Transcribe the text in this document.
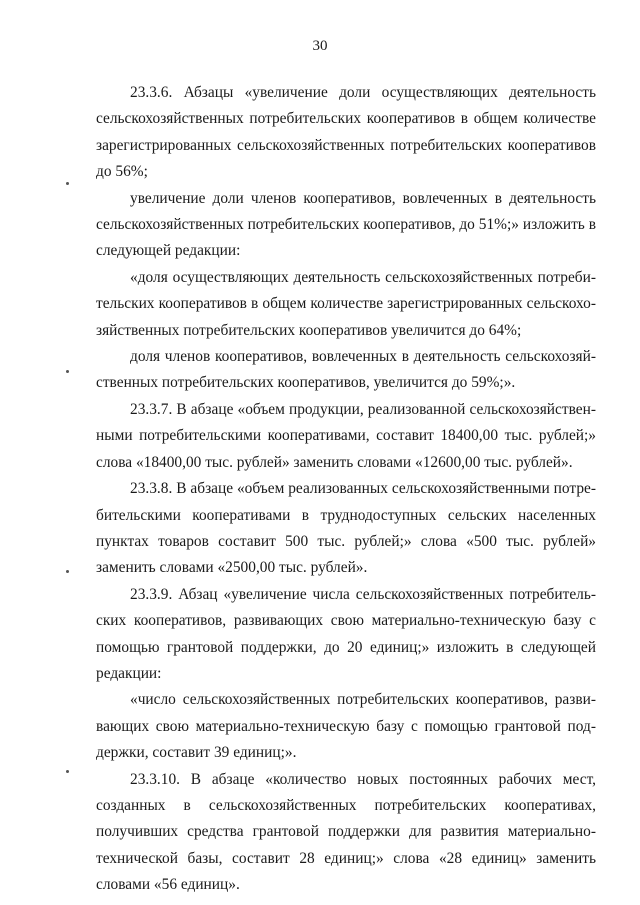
30

23.3.6. Абзацы «увеличение доли осуществляющих деятельность сельскохозяйственных потребительских кооперативов в общем количестве зарегистрированных сельскохозяйственных потребительских кооперативов до 56%;

увеличение доли членов кооперативов, вовлеченных в деятельность сельскохозяйственных потребительских кооперативов, до 51%;» изложить в следующей редакции:

«доля осуществляющих деятельность сельскохозяйственных потребительских кооперативов в общем количестве зарегистрированных сельскохозяйственных потребительских кооперативов увеличится до 64%;

доля членов кооперативов, вовлеченных в деятельность сельскохозяйственных потребительских кооперативов, увеличится до 59%;».

23.3.7. В абзаце «объем продукции, реализованной сельскохозяйственными потребительскими кооперативами, составит 18400,00 тыс. рублей;» слова «18400,00 тыс. рублей» заменить словами «12600,00 тыс. рублей».

23.3.8. В абзаце «объем реализованных сельскохозяйственными потребительскими кооперативами в труднодоступных сельских населенных пунктах товаров составит 500 тыс. рублей;» слова «500 тыс. рублей» заменить словами «2500,00 тыс. рублей».

23.3.9. Абзац «увеличение числа сельскохозяйственных потребительских кооперативов, развивающих свою материально-техническую базу с помощью грантовой поддержки, до 20 единиц;» изложить в следующей редакции:

«число сельскохозяйственных потребительских кооперативов, развивающих свою материально-техническую базу с помощью грантовой поддержки, составит 39 единиц;».

23.3.10. В абзаце «количество новых постоянных рабочих мест, созданных в сельскохозяйственных потребительских кооперативах, получивших средства грантовой поддержки для развития материально-технической базы, составит 28 единиц;» слова «28 единиц» заменить словами «56 единиц».
